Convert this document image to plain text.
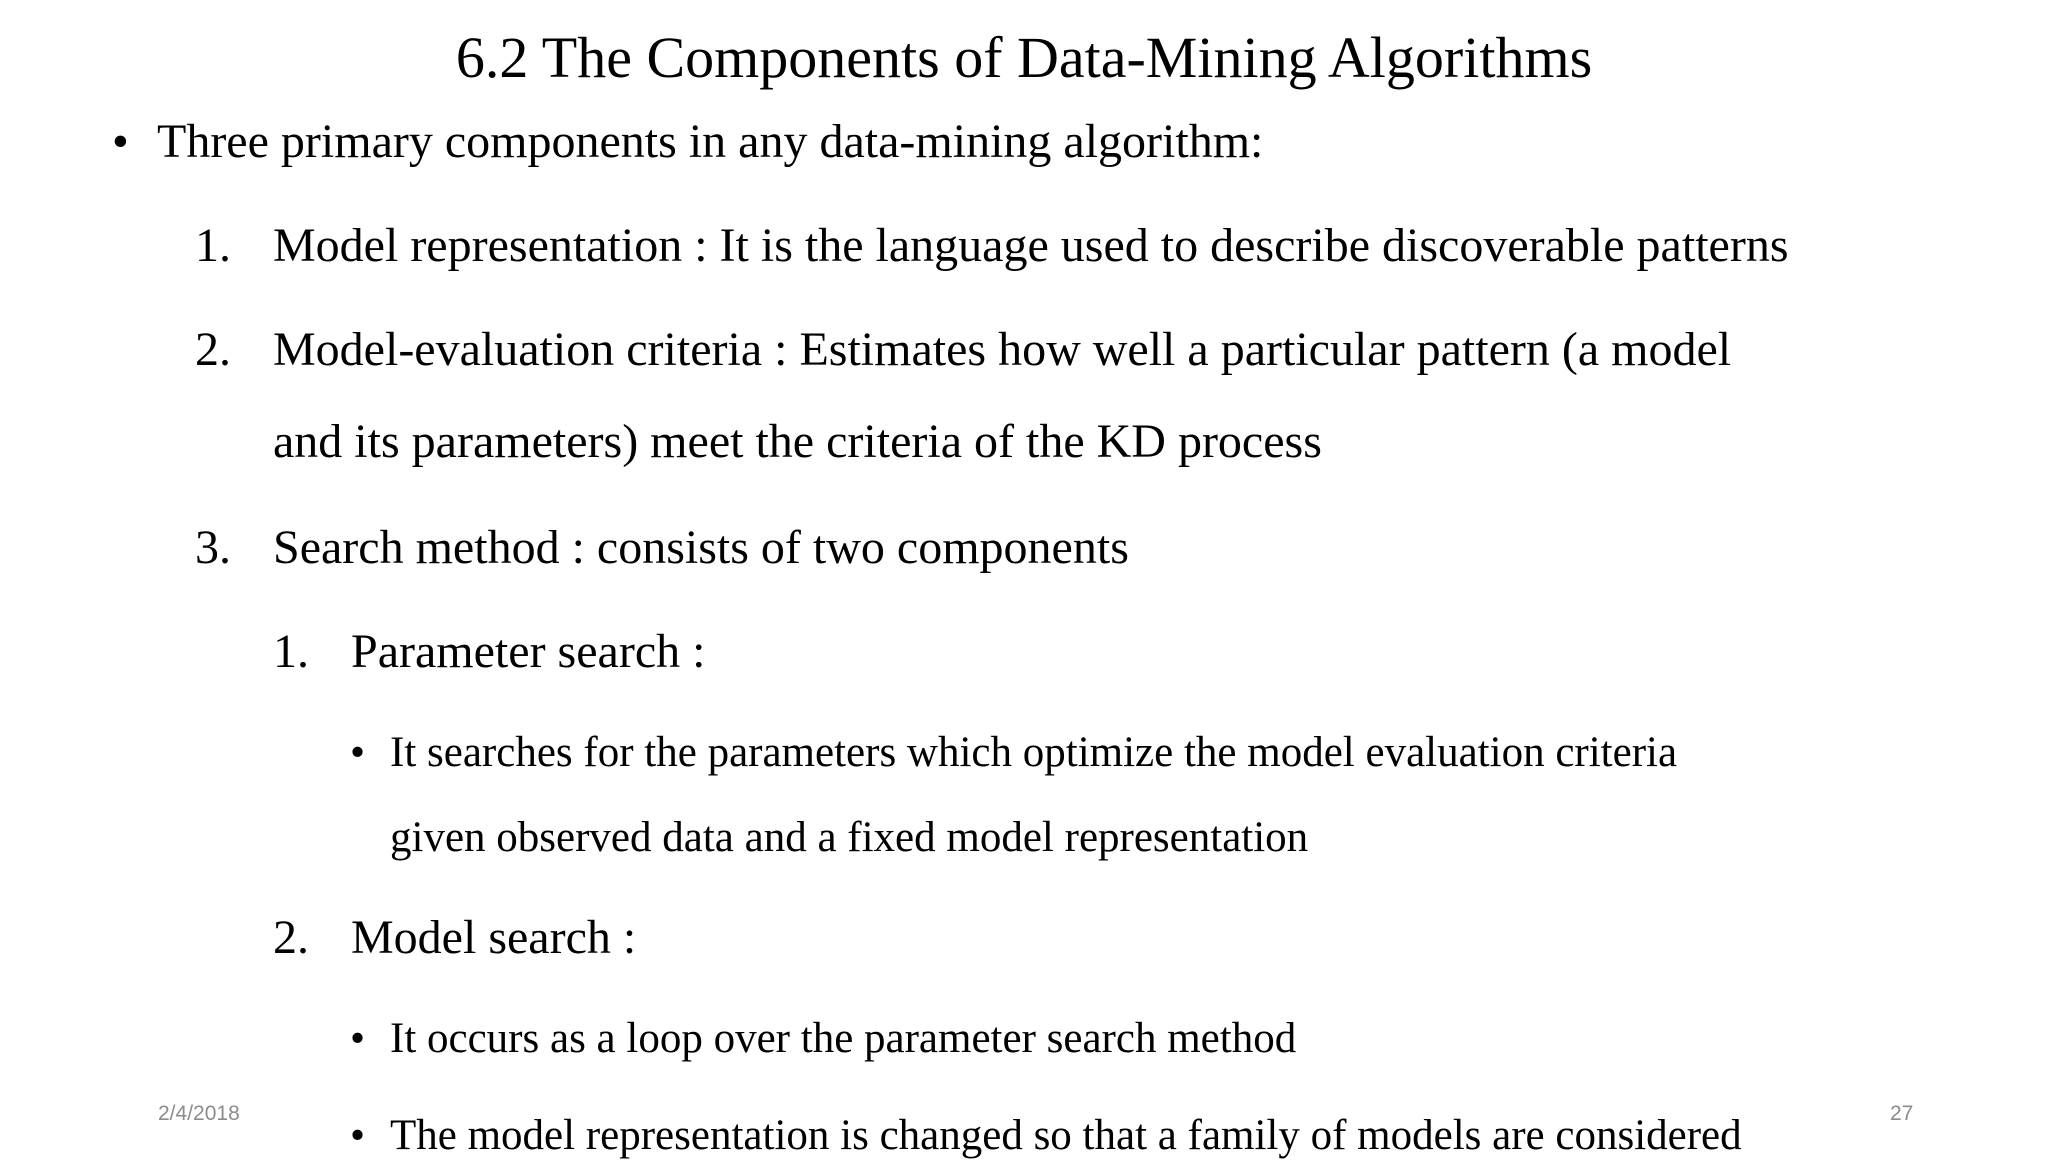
6.2 The Components of Data-Mining Algorithms
• Three primary components in any data-mining algorithm:
1. Model representation : It is the language used to describe discoverable patterns
2. Model-evaluation criteria : Estimates how well a particular pattern (a model
and its parameters) meet the criteria of the KD process
3. Search method : consists of two components
1. Parameter search :
• It searches for the parameters which optimize the model evaluation criteria
given observed data and a fixed model representation
2. Model search :
• It occurs as a loop over the parameter search method
• The model representation is changed so that a family of models are considered
2/4/2018	27
